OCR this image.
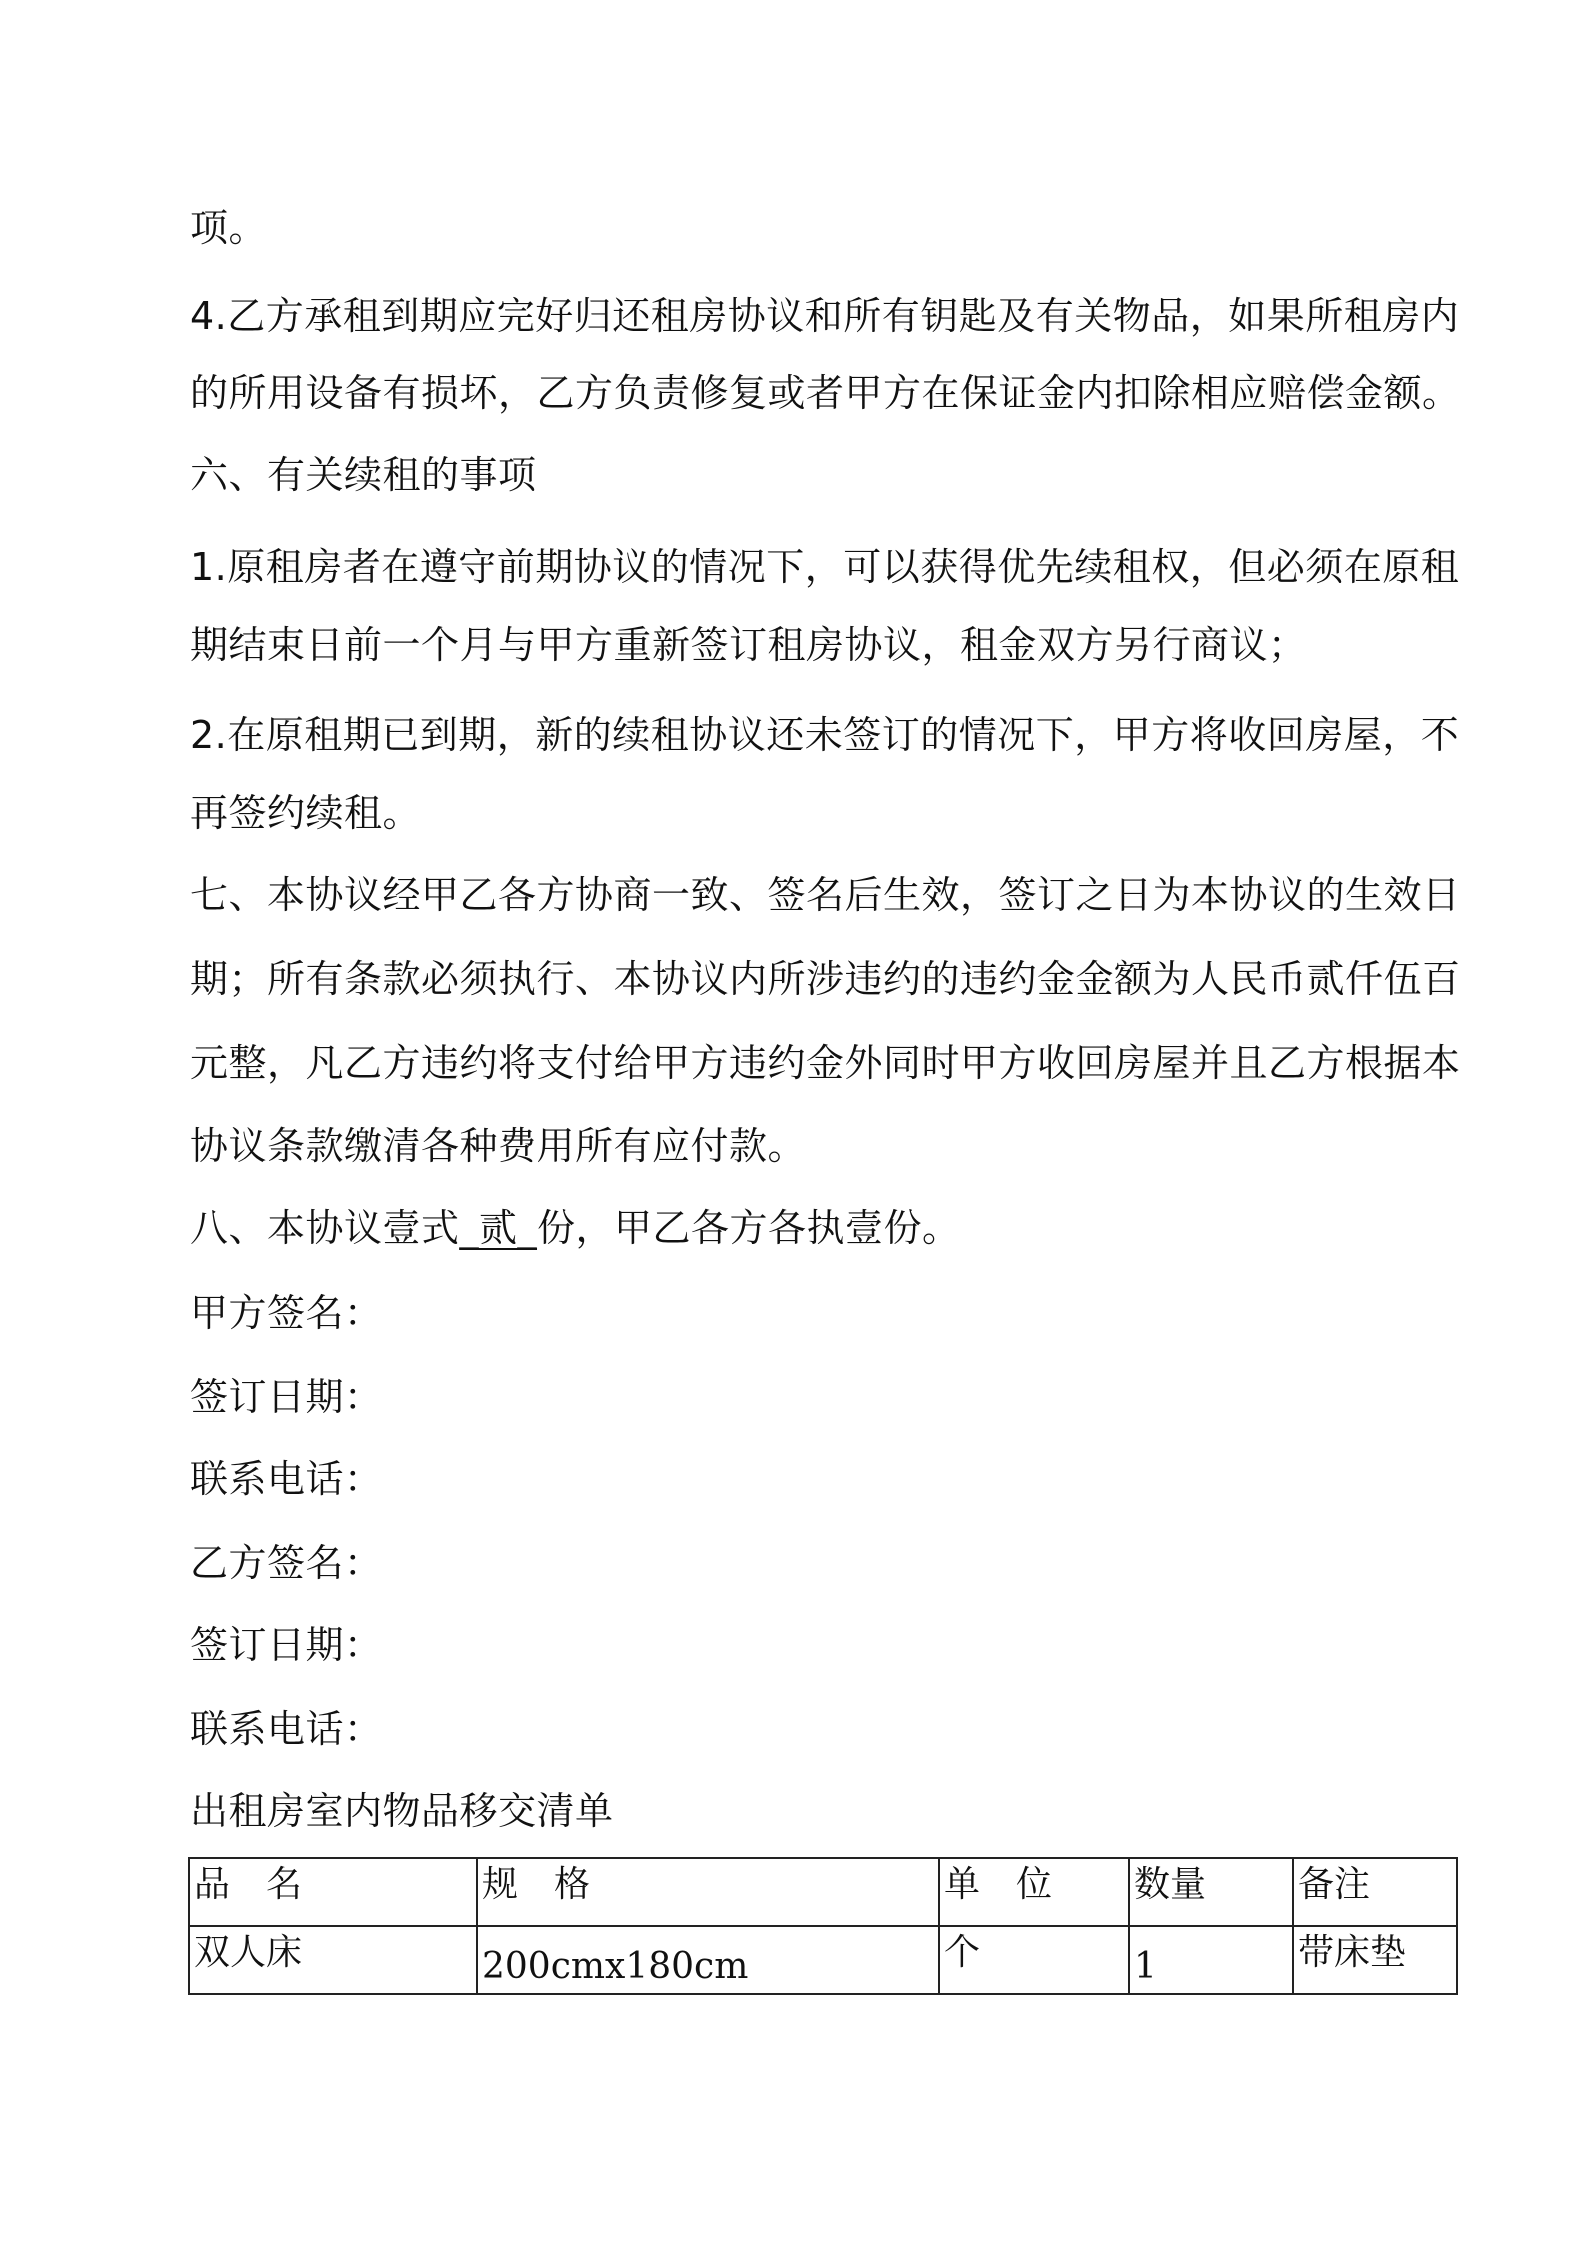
项。
4.乙方承租到期应完好归还租房协议和所有钥匙及有关物品，如果所租房内
的所用设备有损坏，乙方负责修复或者甲方在保证金内扣除相应赔偿金额。
六、有关续租的事项
1.原租房者在遵守前期协议的情况下，可以获得优先续租权，但必须在原租
期结束日前一个月与甲方重新签订租房协议，租金双方另行商议；
2.在原租期已到期，新的续租协议还未签订的情况下，甲方将收回房屋，不
再签约续租。
七、本协议经甲乙各方协商一致、签名后生效，签订之日为本协议的生效日
期；所有条款必须执行、本协议内所涉违约的违约金金额为人民币贰仟伍百
元整，凡乙方违约将支付给甲方违约金外同时甲方收回房屋并且乙方根据本
协议条款缴清各种费用所有应付款。
八、本协议壹式_贰_份，甲乙各方各执壹份。
甲方签名：
签订日期：
联系电话：
乙方签名：
签订日期：
联系电话：
出租房室内物品移交清单
品名	规格	单位	数量	备注
双人床	200cmx180cm	个	1	带床垫
